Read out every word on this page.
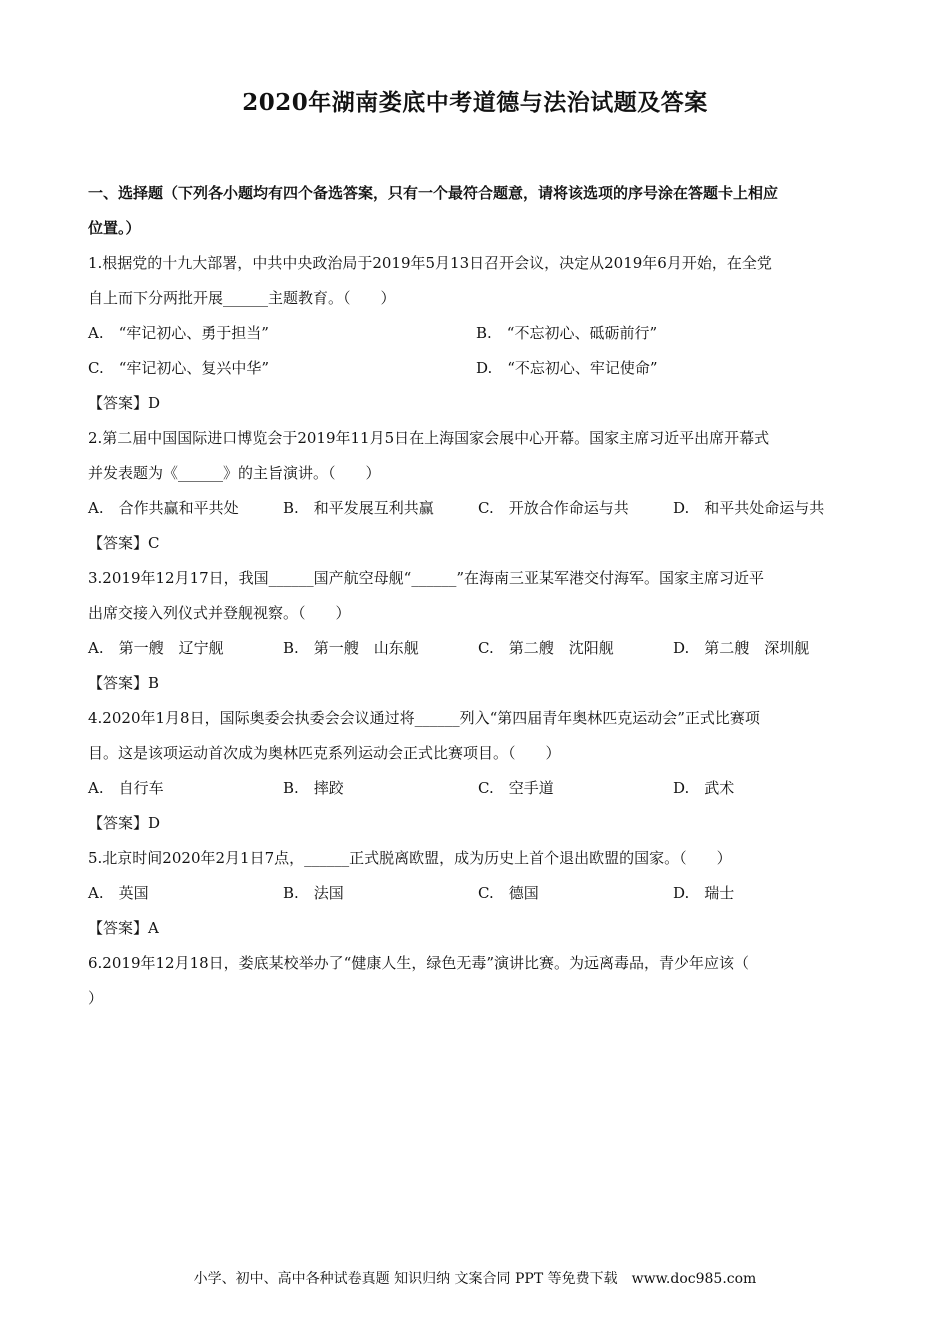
2020年湖南娄底中考道德与法治试题及答案
一、选择题（下列各小题均有四个备选答案，只有一个最符合题意，请将该选项的序号涂在答题卡上相应
位置。）
1.根据党的十九大部署，中共中央政治局于2019年5月13日召开会议，决定从2019年6月开始，在全党
自上而下分两批开展______主题教育。（　　）
A.　“牢记初心、勇于担当”	B.　“不忘初心、砥砺前行”
C.　“牢记初心、复兴中华”	D.　“不忘初心、牢记使命”
【答案】D
2.第二届中国国际进口博览会于2019年11月5日在上海国家会展中心开幕。国家主席习近平出席开幕式
并发表题为《______》的主旨演讲。（　　）
A.　合作共赢和平共处	B.　和平发展互利共赢	C.　开放合作命运与共	D.　和平共处命运与共
【答案】C
3.2019年12月17日，我国______国产航空母舰“______”在海南三亚某军港交付海军。国家主席习近平
出席交接入列仪式并登舰视察。（　　）
A.　第一艘　辽宁舰	B.　第一艘　山东舰	C.　第二艘　沈阳舰	D.　第二艘　深圳舰
【答案】B
4.2020年1月8日，国际奥委会执委会会议通过将______列入“第四届青年奥林匹克运动会”正式比赛项
目。这是该项运动首次成为奥林匹克系列运动会正式比赛项目。（　　）
A.　自行车	B.　摔跤	C.　空手道	D.　武术
【答案】D
5.北京时间2020年2月1日7点，______正式脱离欧盟，成为历史上首个退出欧盟的国家。（　　）
A.　英国	B.　法国	C.　德国	D.　瑞士
【答案】A
6.2019年12月18日，娄底某校举办了“健康人生，绿色无毒”演讲比赛。为远离毒品，青少年应该（
）
小学、初中、高中各种试卷真题 知识归纳 文案合同 PPT 等免费下载　www.doc985.com
